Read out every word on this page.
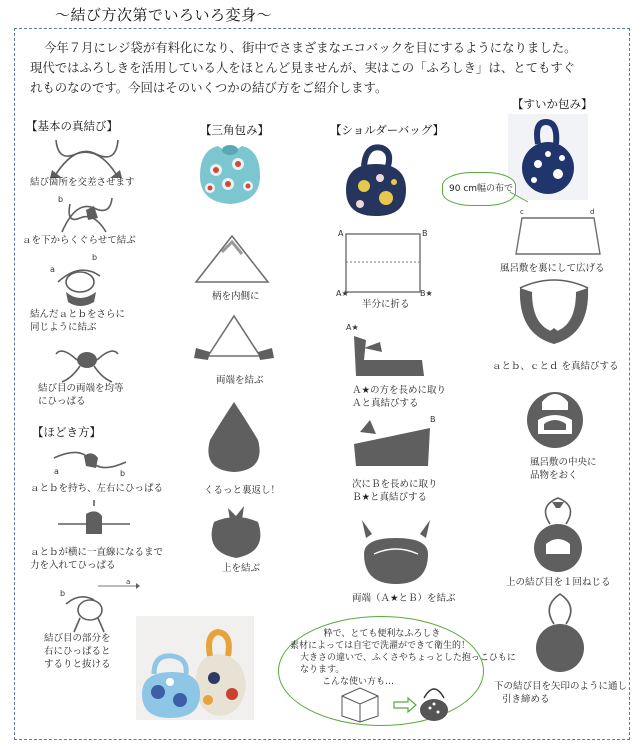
～結び方次第でいろいろ変身～
今年７月にレジ袋が有料化になり、街中でさまざまなエコバックを目にするようになりました。
現代ではふろしきを活用している人をほとんど見ませんが、実はこの「ふろしき」は、とてもすぐ
れものなのです。今回はそのいくつかの結び方をご紹介します。
【基本の真結び】
結び箇所を交差させます
b
ａを下からくぐらせて結ぶ
a
b
結んだａとｂをさらに
同じように結ぶ
結び目の両端を均等
にひっぱる
【ほどき方】
a	b
ａとｂを持ち、左右にひっぱる
ａとｂが横に一直線になるまで
力を入れてひっぱる
a
b
結び目の部分を
右にひっぱると
するりと抜ける
【三角包み】
柄を内側に
両端を結ぶ
くるっと裏返し！
上を結ぶ
【ショルダーバッグ】
A	B
A★	B★
半分に折る
A★
Ａ★の方を長めに取り
Ａと真結びする
B
次にＢを長めに取り
Ｂ★と真結びする
両端（Ａ★とＢ）を結ぶ
【すいか包み】
90 cm幅の布で
c	d
風呂敷を裏にして広げる
ａとｂ、ｃとｄ を真結びする
風呂敷の中央に
品物をおく
上の結び目を１回ねじる
下の結び目を矢印のように通し
引き締める
粋で、とても便利なふろしき
素材によっては自宅で洗濯ができて衛生的！
大きさの違いで、ふくさやちょっとした抱っこひもに
なります。
こんな使い方も…
